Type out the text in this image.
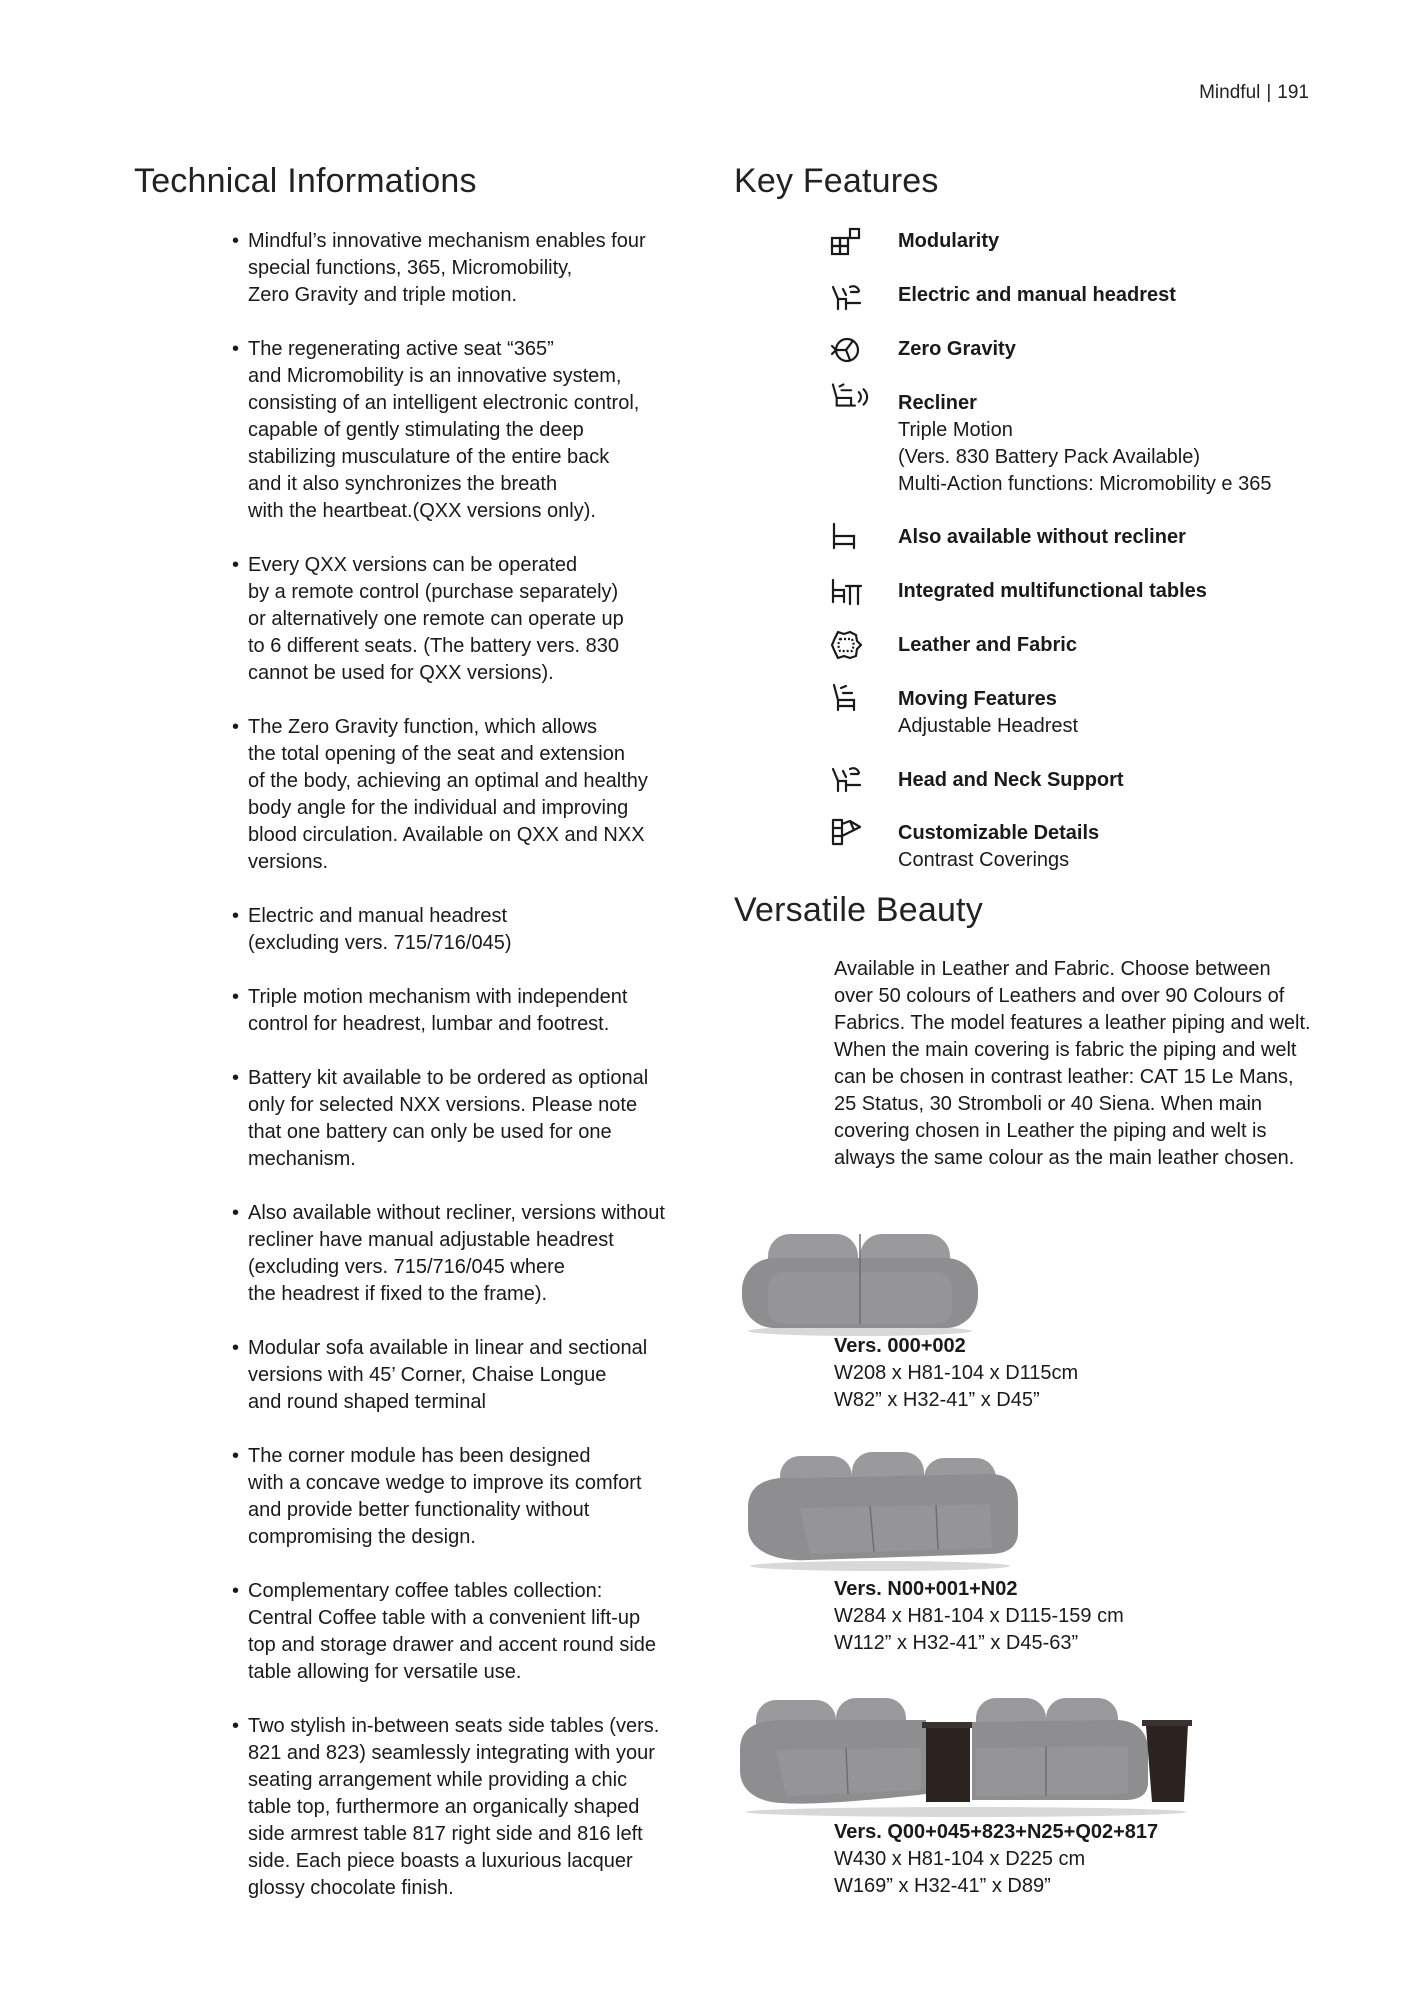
Mindful | 191
Technical Informations
• Mindful’s innovative mechanism enables four
special functions, 365, Micromobility,
Zero Gravity and triple motion.
• The regenerating active seat “365”
and Micromobility is an innovative system,
consisting of an intelligent electronic control,
capable of gently stimulating the deep
stabilizing musculature of the entire back
and it also synchronizes the breath
with the heartbeat.(QXX versions only).
• Every QXX versions can be operated
by a remote control (purchase separately)
or alternatively one remote can operate up
to 6 different seats. (The battery vers. 830
cannot be used for QXX versions).
• The Zero Gravity function, which allows
the total opening of the seat and extension
of the body, achieving an optimal and healthy
body angle for the individual and improving
blood circulation. Available on QXX and NXX
versions.
• Electric and manual headrest
(excluding vers. 715/716/045)
• Triple motion mechanism with independent
control for headrest, lumbar and footrest.
• Battery kit available to be ordered as optional
only for selected NXX versions. Please note
that one battery can only be used for one
mechanism.
• Also available without recliner, versions without
recliner have manual adjustable headrest
(excluding vers. 715/716/045 where
the headrest if fixed to the frame).
• Modular sofa available in linear and sectional
versions with 45’ Corner, Chaise Longue
and round shaped terminal
• The corner module has been designed
with a concave wedge to improve its comfort
and provide better functionality without
compromising the design.
• Complementary coffee tables collection:
Central Coffee table with a convenient lift-up
top and storage drawer and accent round side
table allowing for versatile use.
• Two stylish in-between seats side tables (vers.
821 and 823) seamlessly integrating with your
seating arrangement while providing a chic
table top, furthermore an organically shaped
side armrest table 817 right side and 816 left
side. Each piece boasts a luxurious lacquer
glossy chocolate finish.
Key Features
Modularity
Electric and manual headrest
Zero Gravity
Recliner
Triple Motion
(Vers. 830 Battery Pack Available)
Multi-Action functions: Micromobility e 365
Also available without recliner
Integrated multifunctional tables
Leather and Fabric
Moving Features
Adjustable Headrest
Head and Neck Support
Customizable Details
Contrast Coverings
Versatile Beauty

Available in Leather and Fabric. Choose between over 50 colours of Leathers and over 90 Colours of Fabrics. The model features a leather piping and welt. When the main covering is fabric the piping and welt can be chosen in contrast leather: CAT 15 Le Mans, 25 Status, 30 Stromboli or 40 Siena. When main covering chosen in Leather the piping and welt is always the same colour as the main leather chosen.

Vers. 000+002
W208 x H81-104 x D115cm
W82” x H32-41” x D45”
Vers. N00+001+N02
W284 x H81-104 x D115-159 cm
W112” x H32-41” x D45-63”
Vers. Q00+045+823+N25+Q02+817
W430 x H81-104 x D225 cm
W169” x H32-41” x D89”
